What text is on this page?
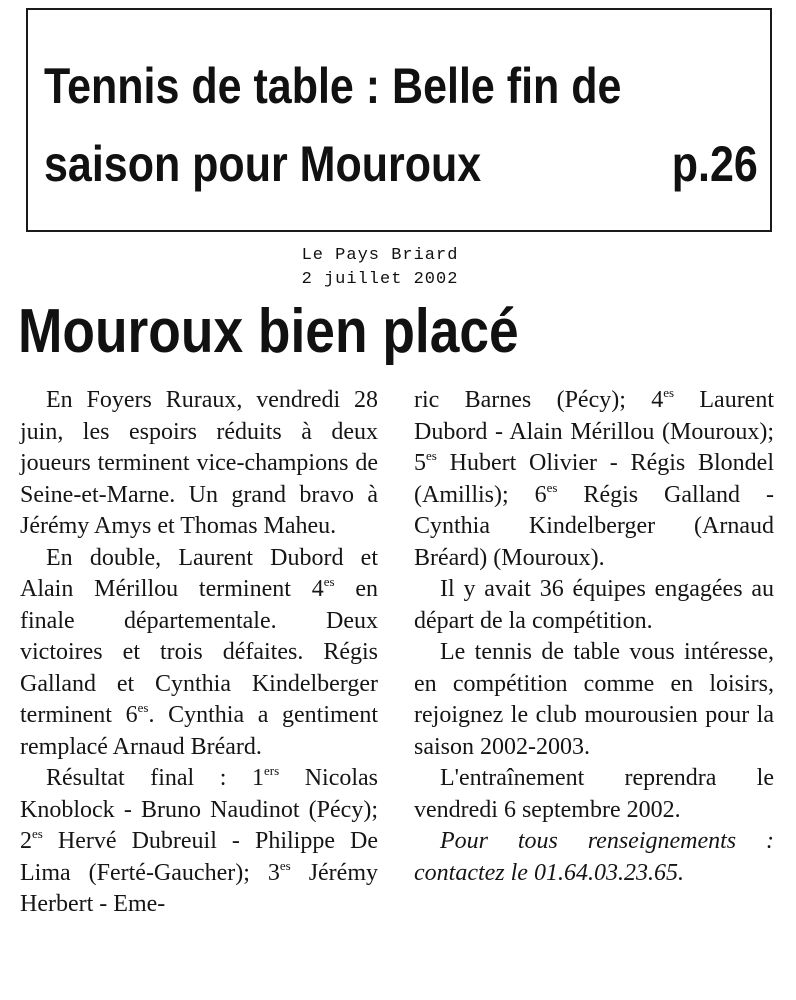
Tennis de table : Belle fin de
saison pour Mouroux	p.26
Le Pays Briard
2 juillet 2002
Mouroux bien placé

En Foyers Ruraux, vendredi 28 juin, les espoirs réduits à deux joueurs terminent vice-champions de Seine-et-Marne. Un grand bravo à Jérémy Amys et Thomas Maheu.

En double, Laurent Dubord et Alain Mérillou terminent $4^{es}$ en finale départementale. Deux victoires et trois défaites. Régis Galland et Cynthia Kindelberger terminent $6^{es}$. Cynthia a gentiment remplacé Arnaud Bréard.

Résultat final : 1ers Nicolas Knoblock - Bruno Naudinot (Pécy); $2^{es}$ Hervé Dubreuil - Philippe De Lima (Ferté-Gaucher); $3^{es}$ Jérémy Herbert - Eme-

ric Barnes (Pécy); $4^{es}$ Laurent Dubord - Alain Mérillou (Mouroux); $5^{es}$ Hubert Olivier - Régis Blondel (Amillis); $6^{es}$ Régis Galland - Cynthia Kindelberger (Arnaud Bréard) (Mouroux).

Il y avait 36 équipes engagées au départ de la compétition.

Le tennis de table vous intéresse, en compétition comme en loisirs, rejoignez le club mourousien pour la saison 2002-2003.

L'entraînement reprendra le vendredi 6 septembre 2002.

Pour tous renseignements : contactez le 01.64.03.23.65.
